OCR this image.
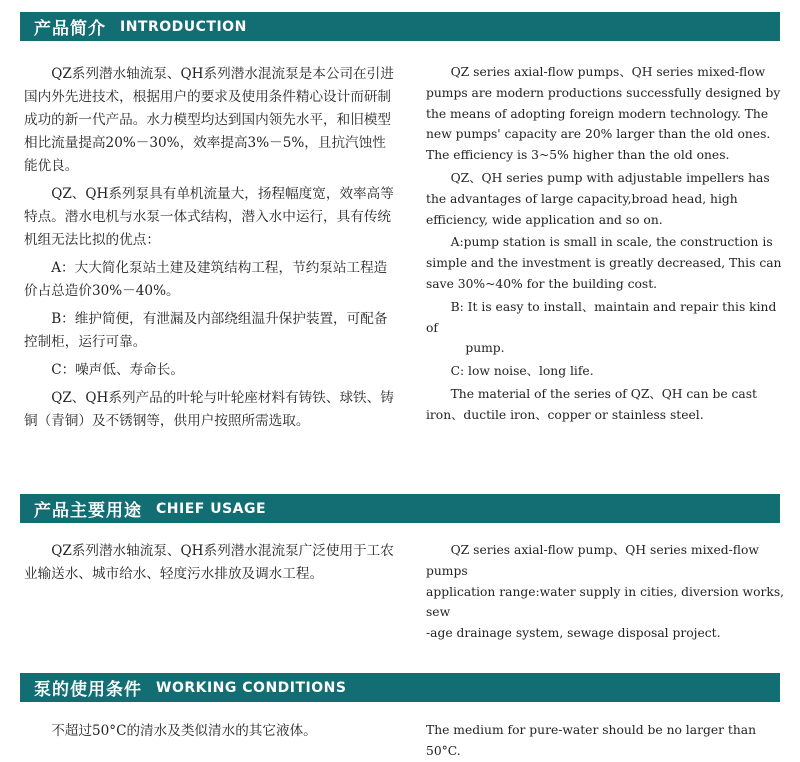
产品简介 INTRODUCTION

QZ系列潜水轴流泵、QH系列潜水混流泵是本公司在引进国内外先进技术，根据用户的要求及使用条件精心设计而研制成功的新一代产品。水力模型均达到国内领先水平，和旧模型相比流量提高20%－30%，效率提高3%－5%，且抗汽蚀性能优良。

QZ、QH系列泵具有单机流量大，扬程幅度宽，效率高等特点。潜水电机与水泵一体式结构，潜入水中运行，具有传统机组无法比拟的优点：

A：大大简化泵站土建及建筑结构工程，节约泵站工程造价占总造价30%－40%。

B：维护简便，有泄漏及内部绕组温升保护装置，可配备控制柜，运行可靠。

C：噪声低、寿命长。

QZ、QH系列产品的叶轮与叶轮座材料有铸铁、球铁、铸铜（青铜）及不锈钢等，供用户按照所需选取。

QZ series axial-flow pumps、QH series mixed-flow pumps are modern productions successfully designed by the means of adopting foreign modern technology. The new pumps' capacity are 20% larger than the old ones. The efficiency is 3~5% higher than the old ones.

QZ、QH series pump with adjustable impellers has the advantages of large capacity,broad head, high efficiency, wide application and so on.

A:pump station is small in scale, the construction is simple and the investment is greatly decreased, This can save 30%~40% for the building cost.

B: It is easy to install、maintain and repair this kind of

pump.

C: low noise、long life.

The material of the series of QZ、QH can be cast iron、ductile iron、copper or stainless steel.

产品主要用途 CHIEF USAGE

QZ系列潜水轴流泵、QH系列潜水混流泵广泛使用于工农业输送水、城市给水、轻度污水排放及调水工程。

QZ series axial-flow pump、QH series mixed-flow pumps

application range:water supply in cities, diversion works, sew

-age drainage system, sewage disposal project.

泵的使用条件 WORKING CONDITIONS

不超过50°C的清水及类似清水的其它液体。	The medium for pure-water should be no larger than 50°C.
